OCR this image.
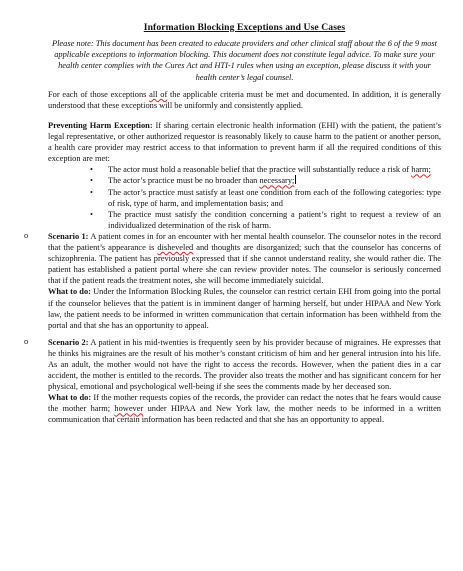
Information Blocking Exceptions and Use Cases
Please note: This document has been created to educate providers and other clinical staff about the 6 of the 9 most applicable exceptions to information blocking. This document does not constitute legal advice. To make sure your health center complies with the Cures Act and HTI-1 rules when using an exception, please discuss it with your health center’s legal counsel.

For each of those exceptions all of the applicable criteria must be met and documented. In addition, it is generally understood that these exceptions will be uniformly and consistently applied.

Preventing Harm Exception: If sharing certain electronic health information (EHI) with the patient, the patient’s legal representative, or other authorized requestor is reasonably likely to cause harm to the patient or another person, a health care provider may restrict access to that information to prevent harm if all the required conditions of this exception are met:

• The actor must hold a reasonable belief that the practice will substantially reduce a risk of harm;
• The actor’s practice must be no broader than necessary;
• The actor’s practice must satisfy at least one condition from each of the following categories: type of risk, type of harm, and implementation basis; and
• The practice must satisfy the condition concerning a patient’s right to request a review of an individualized determination of the risk of harm.
o Scenario 1: A patient comes in for an encounter with her mental health counselor. The counselor notes in the record that the patient’s appearance is disheveled and thoughts are disorganized; such that the counselor has concerns of schizophrenia. The patient has previously expressed that if she cannot understand reality, she would rather die. The patient has established a patient portal where she can review provider notes. The counselor is seriously concerned that if the patient reads the treatment notes, she will become immediately suicidal.

What to do: Under the Information Blocking Rules, the counselor can restrict certain EHI from going into the portal if the counselor believes that the patient is in imminent danger of harming herself, but under HIPAA and New York law, the patient needs to be informed in written communication that certain information has been withheld from the portal and that she has an opportunity to appeal.

o Scenario 2: A patient in his mid-twenties is frequently seen by his provider because of migraines. He expresses that he thinks his migraines are the result of his mother’s constant criticism of him and her general intrusion into his life. As an adult, the mother would not have the right to access the records. However, when the patient dies in a car accident, the mother is entitled to the records. The provider also treats the mother and has significant concern for her physical, emotional and psychological well-being if she sees the comments made by her deceased son.

What to do: If the mother requests copies of the records, the provider can redact the notes that he fears would cause the mother harm; however under HIPAA and New York law, the mother needs to be informed in a written communication that certain information has been redacted and that she has an opportunity to appeal.
